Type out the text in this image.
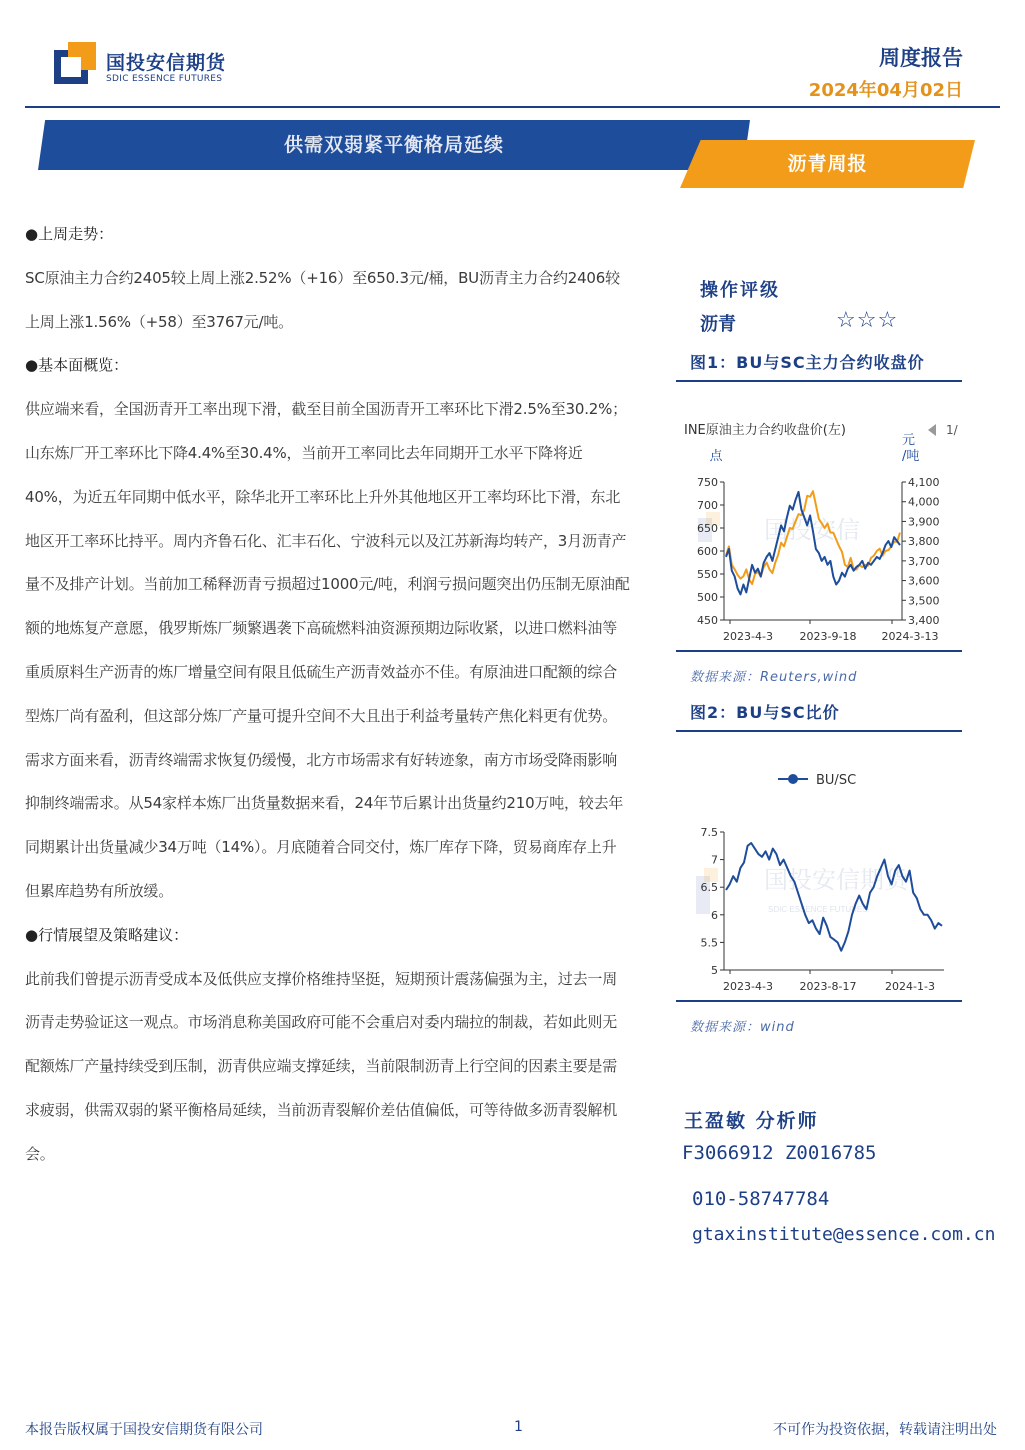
国投安信期货
SDIC ESSENCE FUTURES
周度报告
2024年04月02日
供需双弱紧平衡格局延续
沥青周报
●上周走势：
SC原油主力合约2405较上周上涨2.52%（+16）至650.3元/桶，BU沥青主力合约2406较上周上涨1.56%（+58）至3767元/吨。
●基本面概览：
供应端来看，全国沥青开工率出现下滑，截至目前全国沥青开工率环比下滑2.5%至30.2%；山东炼厂开工率环比下降4.4%至30.4%，当前开工率同比去年同期开工水平下降将近40%，为近五年同期中低水平，除华北开工率环比上升外其他地区开工率均环比下滑，东北地区开工率环比持平。周内齐鲁石化、汇丰石化、宁波科元以及江苏新海均转产，3月沥青产量不及排产计划。当前加工稀释沥青亏损超过1000元/吨，利润亏损问题突出仍压制无原油配额的地炼复产意愿，俄罗斯炼厂频繁遇袭下高硫燃料油资源预期边际收紧，以进口燃料油等重质原料生产沥青的炼厂增量空间有限且低硫生产沥青效益亦不佳。有原油进口配额的综合型炼厂尚有盈利，但这部分炼厂产量可提升空间不大且出于利益考量转产焦化料更有优势。需求方面来看，沥青终端需求恢复仍缓慢，北方市场需求有好转迹象，南方市场受降雨影响抑制终端需求。从54家样本炼厂出货量数据来看，24年节后累计出货量约210万吨，较去年同期累计出货量减少34万吨（14%）。月底随着合同交付，炼厂库存下降，贸易商库存上升但累库趋势有所放缓。
●行情展望及策略建议：
此前我们曾提示沥青受成本及低供应支撑价格维持坚挺，短期预计震荡偏强为主，过去一周沥青走势验证这一观点。市场消息称美国政府可能不会重启对委内瑞拉的制裁，若如此则无配额炼厂产量持续受到压制，沥青供应端支撑延续，当前限制沥青上行空间的因素主要是需求疲弱，供需双弱的紧平衡格局延续，当前沥青裂解价差估值偏低，可等待做多沥青裂解机会。
操作评级
沥青	☆☆☆
图1：BU与SC主力合约收盘价
国投安信
INE原油主力合约收盘价(左)	1/
点
元
/吨
750
700
650
600
550
500
450
4,100
4,000
3,900
3,800
3,700
3,600
3,500
3,400
2023-4-3 2023-9-18 2024-3-13
数据来源：Reuters,wind
图2：BU与SC比价
国投安信期货
SDIC ESSENCE FUTURES
BU/SC
7.5
7
6.5
6
5.5
5
2023-4-3 2023-8-17	2024-1-3
数据来源：wind
王盈敏 分析师
F3066912 Z0016785
010-58747784
gtaxinstitute@essence.com.cn
本报告版权属于国投安信期货有限公司	1	不可作为投资依据，转载请注明出处
